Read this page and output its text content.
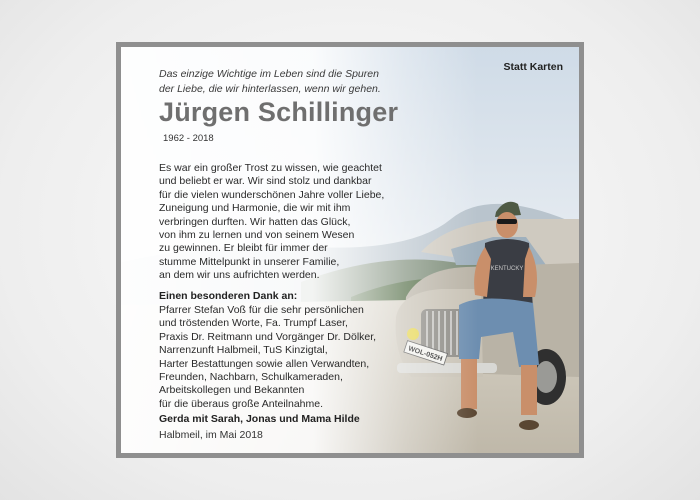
Das einzige Wichtige im Leben sind die Spuren
der Liebe, die wir hinterlassen, wenn wir gehen.
Statt Karten
Jürgen Schillinger
1962 - 2018

Es war ein großer Trost zu wissen, wie geachtet
und beliebt er war. Wir sind stolz und dankbar
für die vielen wunderschönen Jahre voller Liebe,
Zuneigung und Harmonie, die wir mit ihm
verbringen durften. Wir hatten das Glück,
von ihm zu lernen und von seinem Wesen
zu gewinnen. Er bleibt für immer der
stumme Mittelpunkt in unserer Familie,
an dem wir uns aufrichten werden.

Einen besonderen Dank an:

Pfarrer Stefan Voß für die sehr persönlichen
und tröstenden Worte, Fa. Trumpf Laser,
Praxis Dr. Reitmann und Vorgänger Dr. Dölker,
Narrenzunft Halbmeil, TuS Kinzigtal,
Harter Bestattungen sowie allen Verwandten,
Freunden, Nachbarn, Schulkameraden,
Arbeitskollegen und Bekannten
für die überaus große Anteilnahme.

Gerda mit Sarah, Jonas und Mama Hilde
Halbmeil, im Mai 2018
